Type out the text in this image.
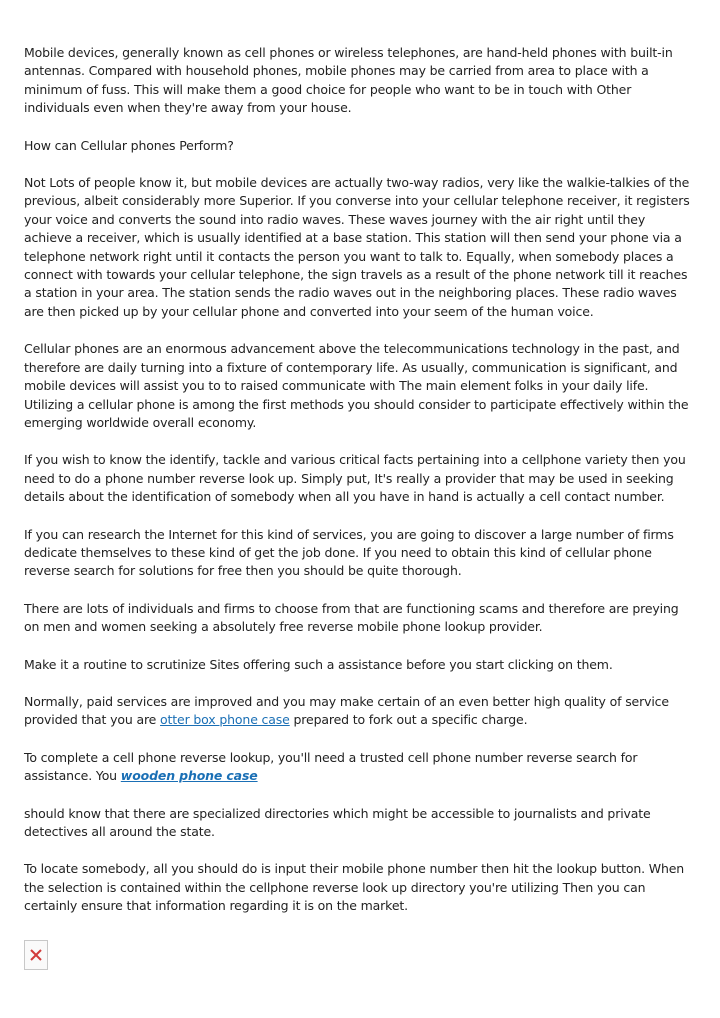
Mobile devices, generally known as cell phones or wireless telephones, are hand-held phones with built-in antennas. Compared with household phones, mobile phones may be carried from area to place with a minimum of fuss. This will make them a good choice for people who want to be in touch with Other individuals even when they're away from your house.

How can Cellular phones Perform?

Not Lots of people know it, but mobile devices are actually two-way radios, very like the walkie-talkies of the previous, albeit considerably more Superior. If you converse into your cellular telephone receiver, it registers your voice and converts the sound into radio waves. These waves journey with the air right until they achieve a receiver, which is usually identified at a base station. This station will then send your phone via a telephone network right until it contacts the person you want to talk to. Equally, when somebody places a connect with towards your cellular telephone, the sign travels as a result of the phone network till it reaches a station in your area. The station sends the radio waves out in the neighboring places. These radio waves are then picked up by your cellular phone and converted into your seem of the human voice.

Cellular phones are an enormous advancement above the telecommunications technology in the past, and therefore are daily turning into a fixture of contemporary life. As usually, communication is significant, and mobile devices will assist you to to raised communicate with The main element folks in your daily life. Utilizing a cellular phone is among the first methods you should consider to participate effectively within the emerging worldwide overall economy.

If you wish to know the identify, tackle and various critical facts pertaining into a cellphone variety then you need to do a phone number reverse look up. Simply put, It's really a provider that may be used in seeking details about the identification of somebody when all you have in hand is actually a cell contact number.

If you can research the Internet for this kind of services, you are going to discover a large number of firms dedicate themselves to these kind of get the job done. If you need to obtain this kind of cellular phone reverse search for solutions for free then you should be quite thorough.

There are lots of individuals and firms to choose from that are functioning scams and therefore are preying on men and women seeking a absolutely free reverse mobile phone lookup provider.

Make it a routine to scrutinize Sites offering such a assistance before you start clicking on them.

Normally, paid services are improved and you may make certain of an even better high quality of service provided that you are otter box phone case prepared to fork out a specific charge.

To complete a cell phone reverse lookup, you'll need a trusted cell phone number reverse search for assistance. You wooden phone case

should know that there are specialized directories which might be accessible to journalists and private detectives all around the state.

To locate somebody, all you should do is input their mobile phone number then hit the lookup button. When the selection is contained within the cellphone reverse look up directory you're utilizing Then you can certainly ensure that information regarding it is on the market.
